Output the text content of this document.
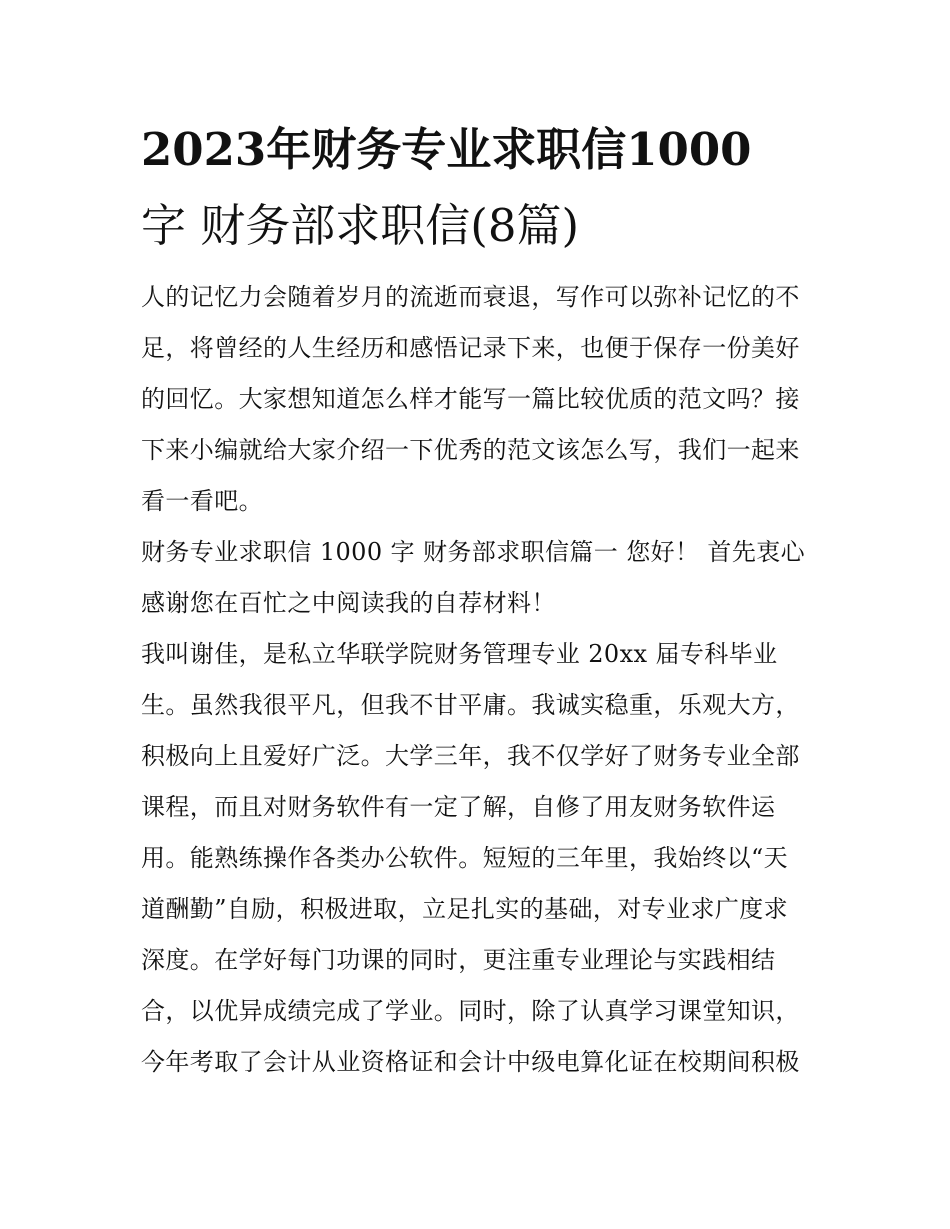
2023年财务专业求职信1000
字 财务部求职信(8篇)
人的记忆力会随着岁月的流逝而衰退，写作可以弥补记忆的不
足，将曾经的人生经历和感悟记录下来，也便于保存一份美好
的回忆。大家想知道怎么样才能写一篇比较优质的范文吗？接
下来小编就给大家介绍一下优秀的范文该怎么写，我们一起来
看一看吧。
财务专业求职信 1000 字 财务部求职信篇一 您好！ 首先衷心
感谢您在百忙之中阅读我的自荐材料！
我叫谢佳，是私立华联学院财务管理专业 20xx 届专科毕业
生。虽然我很平凡，但我不甘平庸。我诚实稳重，乐观大方，
积极向上且爱好广泛。大学三年，我不仅学好了财务专业全部
课程，而且对财务软件有一定了解，自修了用友财务软件运
用。能熟练操作各类办公软件。短短的三年里，我始终以“天
道酬勤”自励，积极进取，立足扎实的基础，对专业求广度求
深度。在学好每门功课的同时，更注重专业理论与实践相结
合，以优异成绩完成了学业。同时，除了认真学习课堂知识，
今年考取了会计从业资格证和会计中级电算化证在校期间积极
